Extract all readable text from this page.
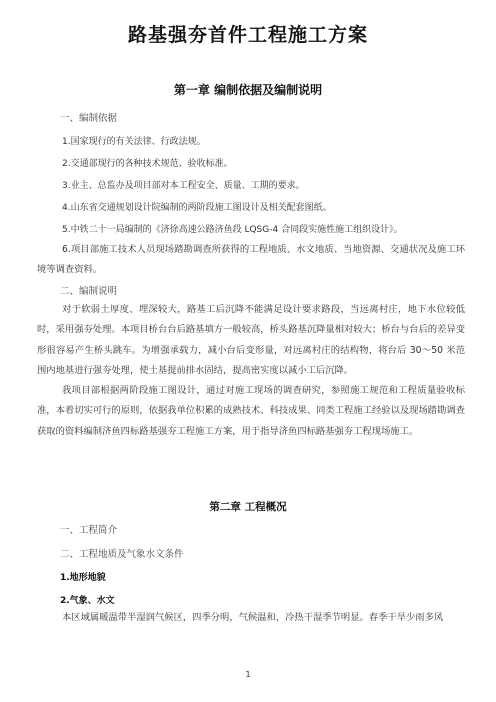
路基强夯首件工程施工方案
第一章 编制依据及编制说明
一、编制依据
1.国家现行的有关法律、行政法规。
2.交通部现行的各种技术规范、验收标准。
3.业主、总监办及项目部对本工程安全、质量、工期的要求。
4.山东省交通规划设计院编制的两阶段施工图设计及相关配套图纸。
5.中铁二十一局编制的《济徐高速公路济鱼段 LQSG-4 合同段实施性施工组织设计》。
6.项目部施工技术人员现场踏勘调查所获得的工程地质、水文地质、当地资源、交通状况及施工环境等调查资料。
二、编制说明
对于软弱土厚度、埋深较大，路基工后沉降不能满足设计要求路段，当远离村庄，地下水位较低时，采用强夯处理。本项目桥台台后路基填方一般较高，桥头路基沉降量相对较大；桥台与台后的差异变形很容易产生桥头跳车。为增强承载力，减小台后变形量，对远离村庄的结构物，将台后 30～50 米范围内地基进行强夯处理，使土基提前排水固结，提高密实度以减小工后沉降。
我项目部根据两阶段施工图设计，通过对施工现场的调查研究，参照施工规范和工程质量验收标准，本着切实可行的原则，依据我单位积累的成熟技术、科技成果、同类工程施工经验以及现场踏勘调查获取的资料编制济鱼四标路基强夯工程施工方案，用于指导济鱼四标路基强夯工程现场施工。
第二章 工程概况
一、工程简介
二、工程地质及气象水文条件
1.地形地貌
2.气象、水文
本区域属暖温带半湿润气候区，四季分明，气候温和，冷热干湿季节明显。春季干旱少雨多风
1
